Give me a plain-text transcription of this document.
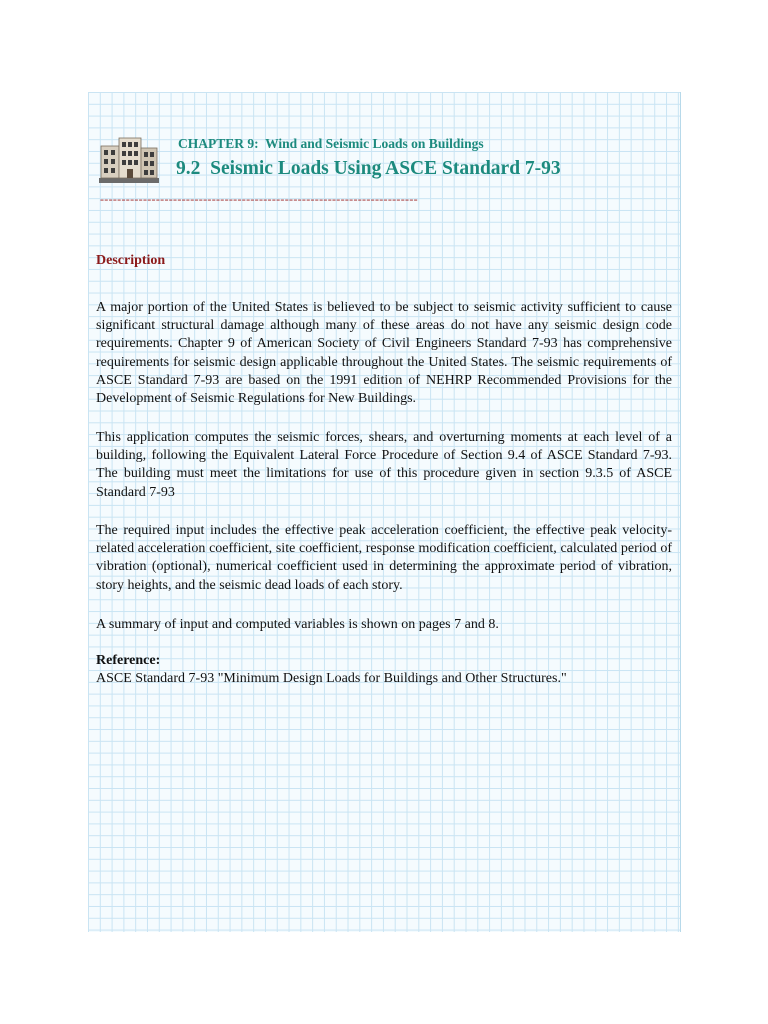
CHAPTER 9:  Wind and Seismic Loads on Buildings
9.2  Seismic Loads Using ASCE Standard 7-93
--------------------------------------------------------------------------
Description

A major portion of the United States is believed to be subject to seismic activity sufficient to cause significant structural damage although many of these areas do not have any seismic design code requirements. Chapter 9 of American Society of Civil Engineers Standard 7-93 has comprehensive requirements for seismic design applicable throughout the United States. The seismic requirements of ASCE Standard 7-93 are based on the 1991 edition of NEHRP Recommended Provisions for the Development of Seismic Regulations for New Buildings.

This application computes the seismic forces, shears, and overturning moments at each level of a building, following the Equivalent Lateral Force Procedure of Section 9.4 of ASCE Standard 7-93. The building must meet the limitations for use of this procedure given in section 9.3.5 of ASCE Standard 7-93

The required input includes the effective peak acceleration coefficient, the effective peak velocity-related acceleration coefficient, site coefficient, response modification coefficient, calculated period of vibration (optional), numerical coefficient used in determining the approximate period of vibration, story heights, and the seismic dead loads of each story.

A summary of input and computed variables is shown on pages 7 and 8.

Reference:
ASCE Standard 7-93 "Minimum Design Loads for Buildings and Other Structures."
